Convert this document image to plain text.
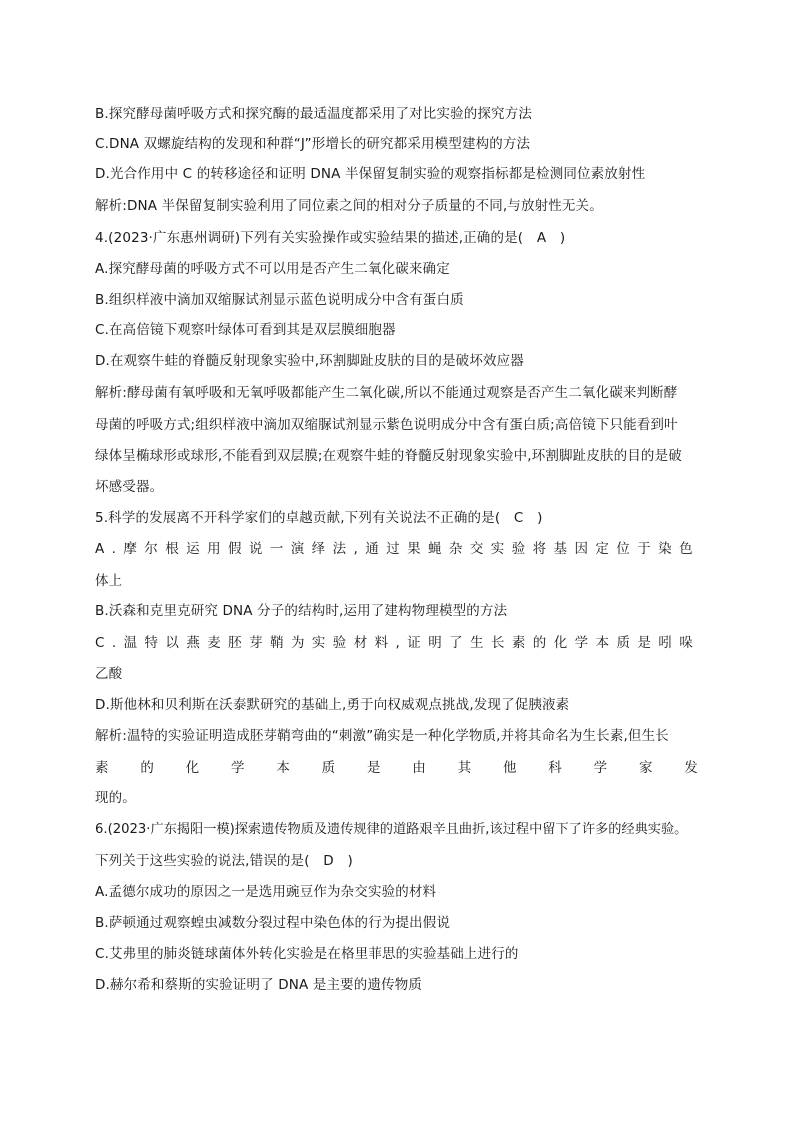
B.探究酵母菌呼吸方式和探究酶的最适温度都采用了对比实验的探究方法
C.DNA 双螺旋结构的发现和种群“J”形增长的研究都采用模型建构的方法
D.光合作用中 C 的转移途径和证明 DNA 半保留复制实验的观察指标都是检测同位素放射性
解析:DNA 半保留复制实验利用了同位素之间的相对分子质量的不同,与放射性无关。
4.(2023·广东惠州调研)下列有关实验操作或实验结果的描述,正确的是(　A　)
A.探究酵母菌的呼吸方式不可以用是否产生二氧化碳来确定
B.组织样液中滴加双缩脲试剂显示蓝色说明成分中含有蛋白质
C.在高倍镜下观察叶绿体可看到其是双层膜细胞器
D.在观察牛蛙的脊髓反射现象实验中,环割脚趾皮肤的目的是破坏效应器
解析:酵母菌有氧呼吸和无氧呼吸都能产生二氧化碳,所以不能通过观察是否产生二氧化碳来判断酵
母菌的呼吸方式;组织样液中滴加双缩脲试剂显示紫色说明成分中含有蛋白质;高倍镜下只能看到叶
绿体呈椭球形或球形,不能看到双层膜;在观察牛蛙的脊髓反射现象实验中,环割脚趾皮肤的目的是破
坏感受器。
5.科学的发展离不开科学家们的卓越贡献,下列有关说法不正确的是(　C　)
A . 摩 尔 根 运 用 假 说 一 演 绎 法 , 通 过 果 蝇 杂 交 实 验 将 基 因 定 位 于 染 色
体上
B.沃森和克里克研究 DNA 分子的结构时,运用了建构物理模型的方法
C . 温 特 以 燕 麦 胚 芽 鞘 为 实 验 材 料 , 证 明 了 生 长 素 的 化 学 本 质 是 吲 哚
乙酸
D.斯他林和贝利斯在沃泰默研究的基础上,勇于向权威观点挑战,发现了促胰液素
解析:温特的实验证明造成胚芽鞘弯曲的“刺激”确实是一种化学物质,并将其命名为生长素,但生长
素 的 化 学 本 质 是 由 其 他 科 学 家 发
现的。
6.(2023·广东揭阳一模)探索遗传物质及遗传规律的道路艰辛且曲折,该过程中留下了许多的经典实验。
下列关于这些实验的说法,错误的是(　D　)
A.孟德尔成功的原因之一是选用豌豆作为杂交实验的材料
B.萨顿通过观察蝗虫减数分裂过程中染色体的行为提出假说
C.艾弗里的肺炎链球菌体外转化实验是在格里菲思的实验基础上进行的
D.赫尔希和蔡斯的实验证明了 DNA 是主要的遗传物质
